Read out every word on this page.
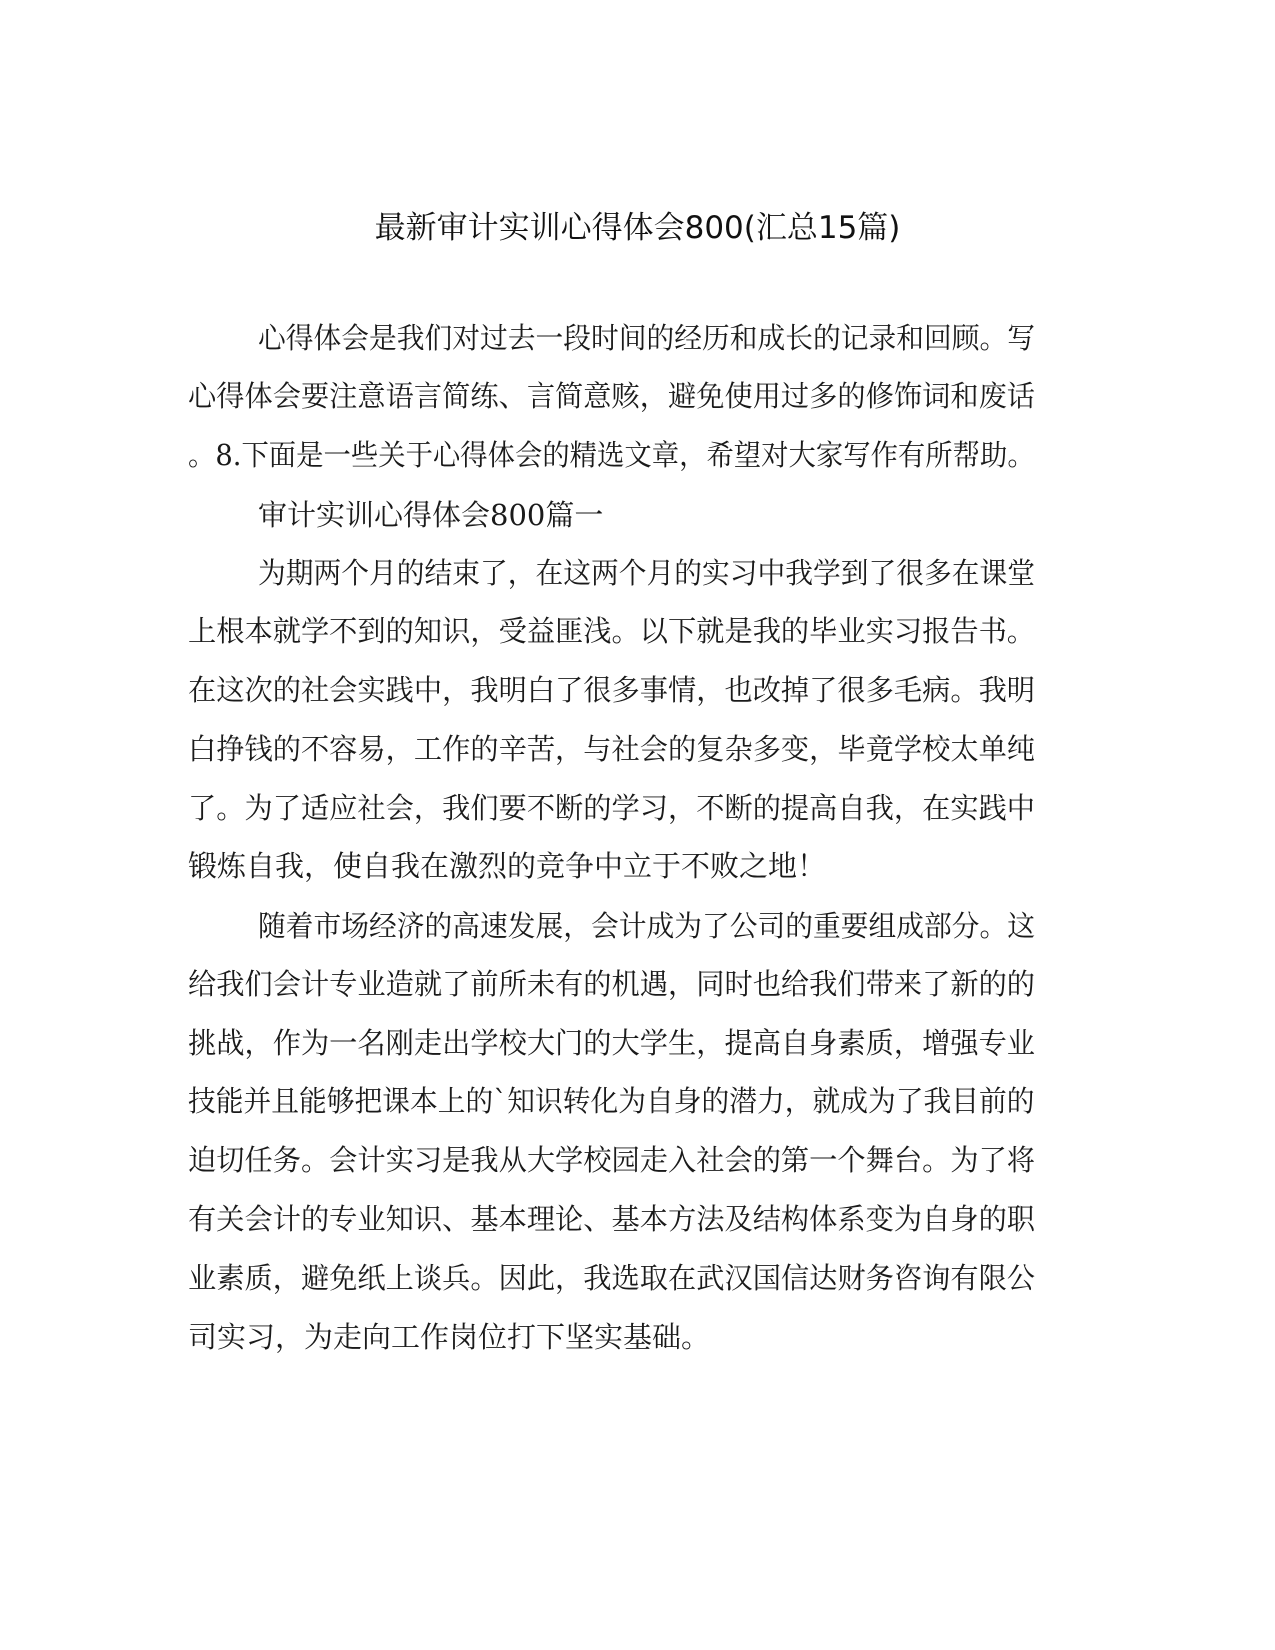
最新审计实训心得体会800(汇总15篇)
心得体会是我们对过去一段时间的经历和成长的记录和回顾。写
心得体会要注意语言简练、言简意赅，避免使用过多的修饰词和废话
。8.下面是一些关于心得体会的精选文章，希望对大家写作有所帮助。
审计实训心得体会800篇一
为期两个月的结束了，在这两个月的实习中我学到了很多在课堂
上根本就学不到的知识，受益匪浅。以下就是我的毕业实习报告书。
在这次的社会实践中，我明白了很多事情，也改掉了很多毛病。我明
白挣钱的不容易，工作的辛苦，与社会的复杂多变，毕竟学校太单纯
了。为了适应社会，我们要不断的学习，不断的提高自我，在实践中
锻炼自我，使自我在激烈的竞争中立于不败之地！
随着市场经济的高速发展，会计成为了公司的重要组成部分。这
给我们会计专业造就了前所未有的机遇，同时也给我们带来了新的的
挑战，作为一名刚走出学校大门的大学生，提高自身素质，增强专业
技能并且能够把课本上的`知识转化为自身的潜力，就成为了我目前的
迫切任务。会计实习是我从大学校园走入社会的第一个舞台。为了将
有关会计的专业知识、基本理论、基本方法及结构体系变为自身的职
业素质，避免纸上谈兵。因此，我选取在武汉国信达财务咨询有限公
司实习，为走向工作岗位打下坚实基础。
